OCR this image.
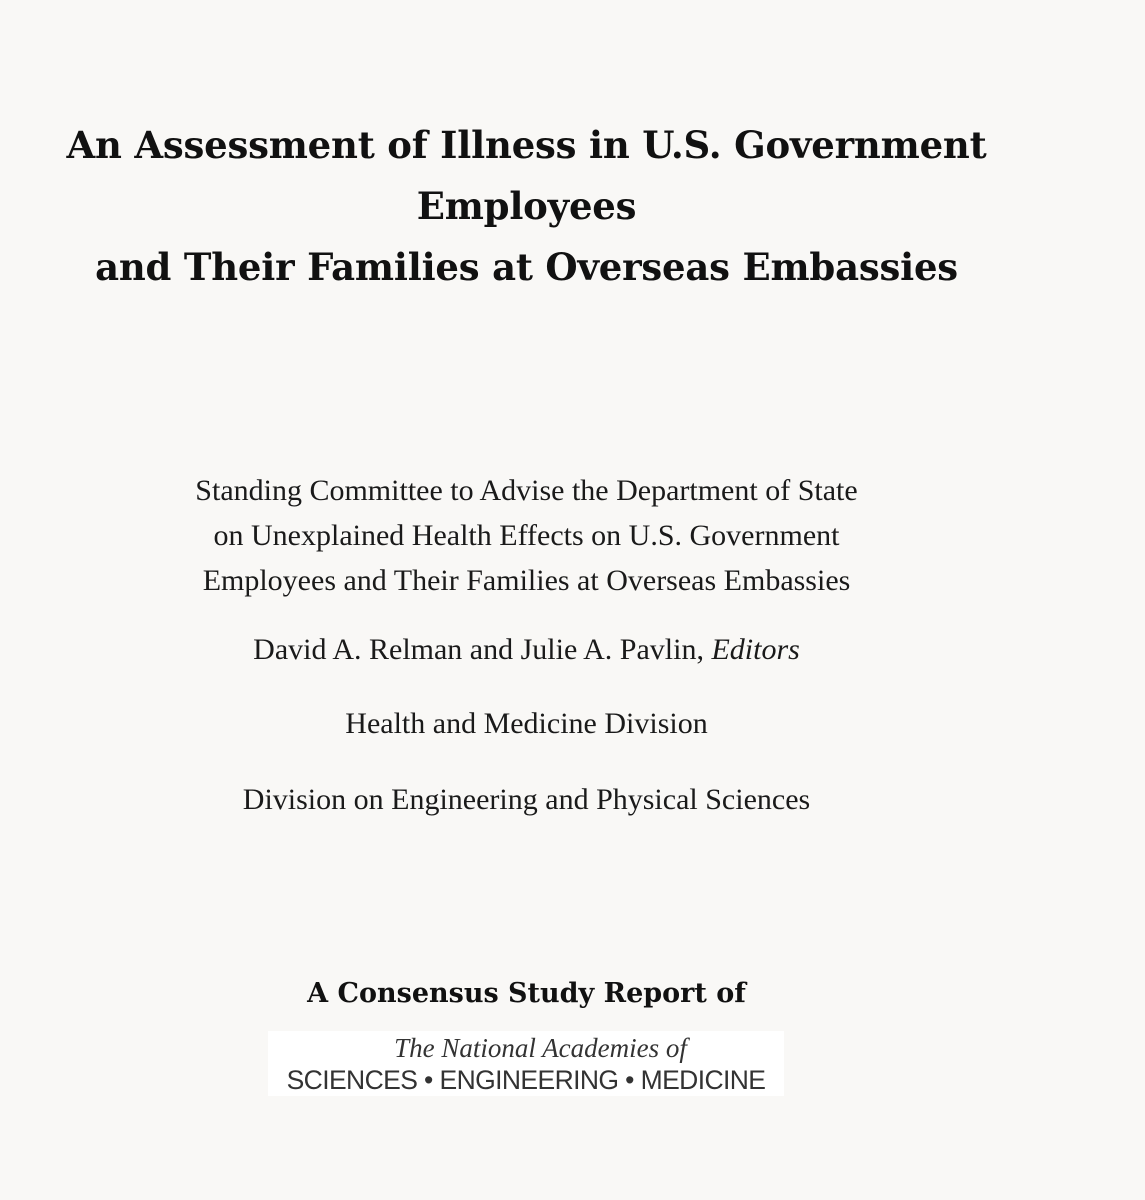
An Assessment of Illness in U.S. Government
Employees
and Their Families at Overseas Embassies
Standing Committee to Advise the Department of State
on Unexplained Health Effects on U.S. Government
Employees and Their Families at Overseas Embassies
David A. Relman and Julie A. Pavlin, Editors
Health and Medicine Division
Division on Engineering and Physical Sciences
A Consensus Study Report of
The National Academies of
SCIENCES • ENGINEERING • MEDICINE
